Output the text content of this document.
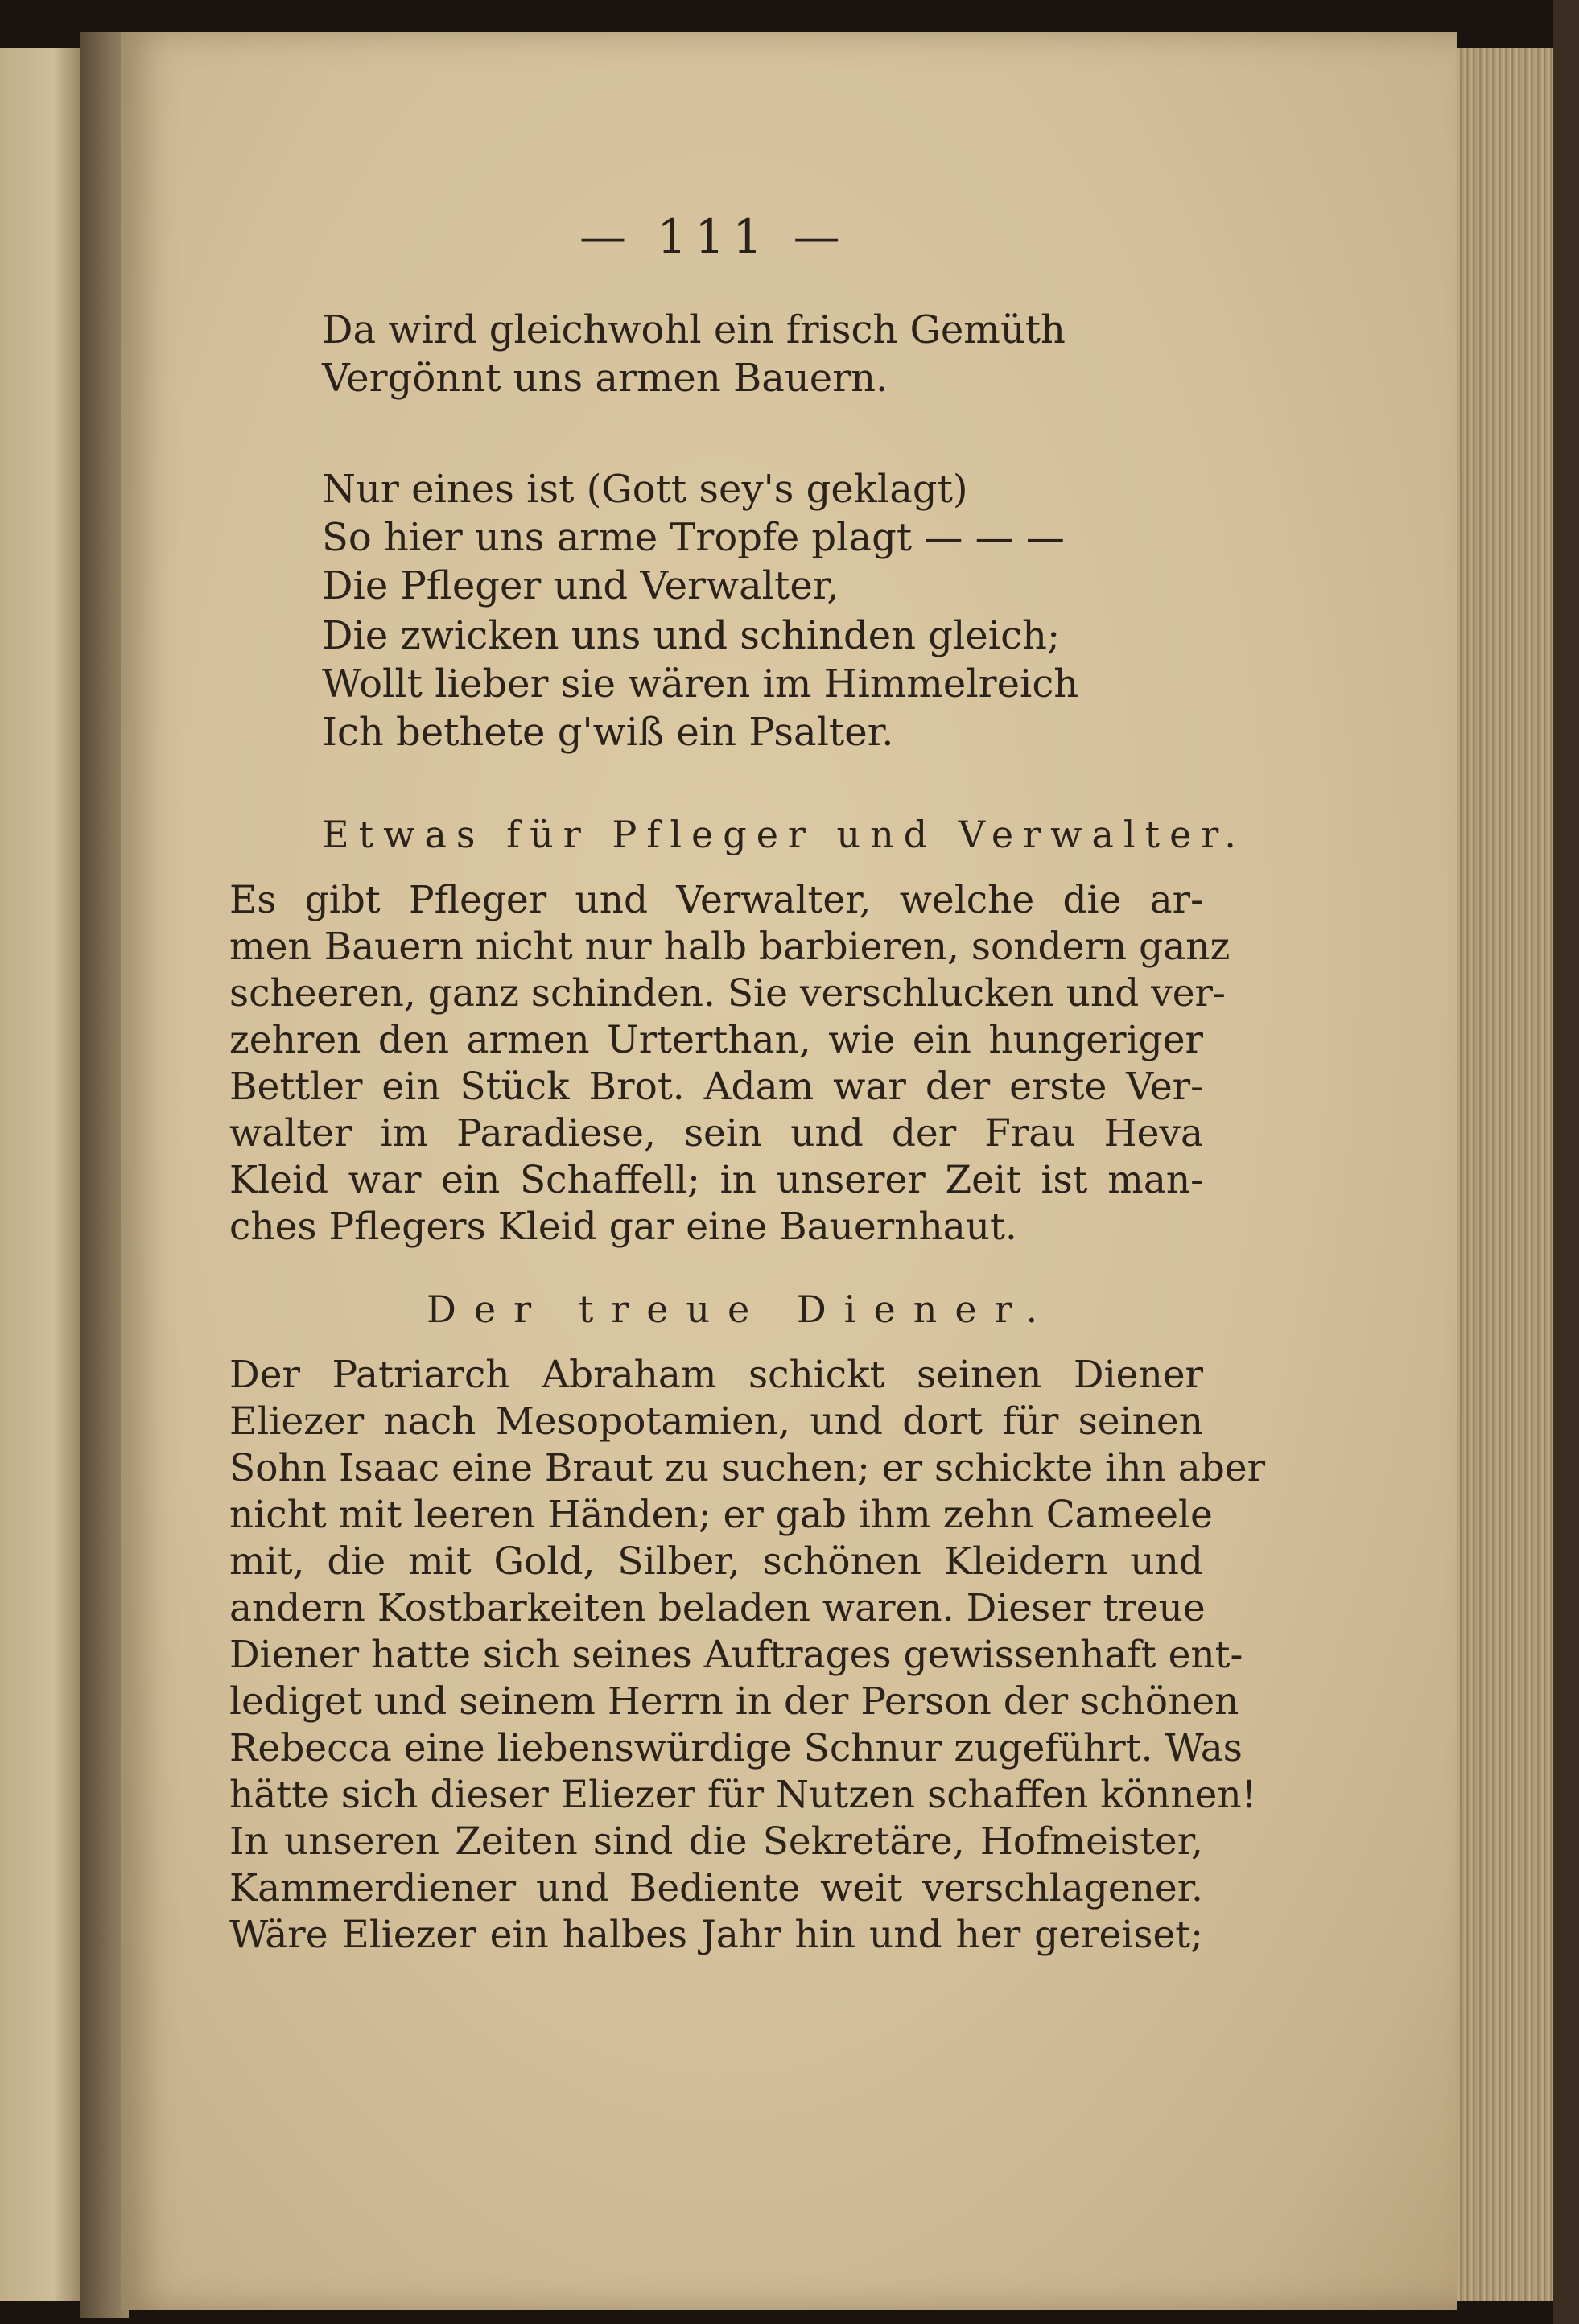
— 111 —
Da wird gleichwohl ein frisch Gemüth
Vergönnt uns armen Bauern.
Nur eines ist (Gott sey's geklagt)
So hier uns arme Tropfe plagt — — —
Die Pfleger und Verwalter,
Die zwicken uns und schinden gleich;
Wollt lieber sie wären im Himmelreich
Ich bethete g'wiß ein Psalter.
Etwas für Pfleger und Verwalter.
Es gibt Pfleger und Verwalter, welche die ar-
men Bauern nicht nur halb barbieren, sondern ganz
scheeren, ganz schinden. Sie verschlucken und ver-
zehren den armen Urterthan, wie ein hungeriger
Bettler ein Stück Brot. Adam war der erste Ver-
walter im Paradiese, sein und der Frau Heva
Kleid war ein Schaffell; in unserer Zeit ist man-
ches Pflegers Kleid gar eine Bauernhaut.
Der treue Diener.
Der Patriarch Abraham schickt seinen Diener
Eliezer nach Mesopotamien, und dort für seinen
Sohn Isaac eine Braut zu suchen; er schickte ihn aber
nicht mit leeren Händen; er gab ihm zehn Cameele
mit, die mit Gold, Silber, schönen Kleidern und
andern Kostbarkeiten beladen waren. Dieser treue
Diener hatte sich seines Auftrages gewissenhaft ent-
lediget und seinem Herrn in der Person der schönen
Rebecca eine liebenswürdige Schnur zugeführt. Was
hätte sich dieser Eliezer für Nutzen schaffen können!
In unseren Zeiten sind die Sekretäre, Hofmeister,
Kammerdiener und Bediente weit verschlagener.
Wäre Eliezer ein halbes Jahr hin und her gereiset;
